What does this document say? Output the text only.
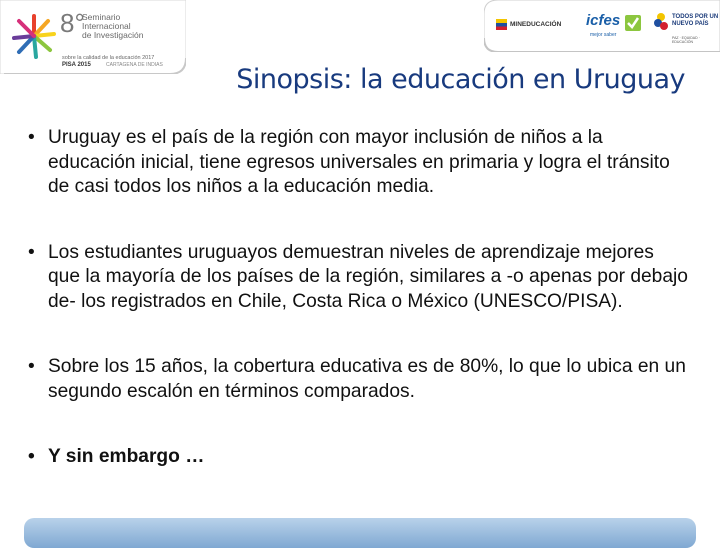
8°
Seminario
Internacional
de Investigación
sobre la calidad de la educación 2017
PISA 2015	CARTAGENA DE INDIAS
MINEDUCACIÓN icfes
mejor saber
TODOS POR UN
NUEVO PAÍS
PAZ · EQUIDAD · EDUCACIÓN
Sinopsis: la educación en Uruguay
• Uruguay es el país de la región con mayor inclusión de niños a la educación inicial, tiene egresos universales en primaria y logra el tránsito de casi todos los niños a la educación media.
• Los estudiantes uruguayos demuestran niveles de aprendizaje mejores que la mayoría de los países de la región, similares a -o apenas por debajo de- los registrados en Chile, Costa Rica o México (UNESCO/PISA).
• Sobre los 15 años, la cobertura educativa es de 80%, lo que lo ubica en un segundo escalón en términos comparados.
• Y sin embargo …
